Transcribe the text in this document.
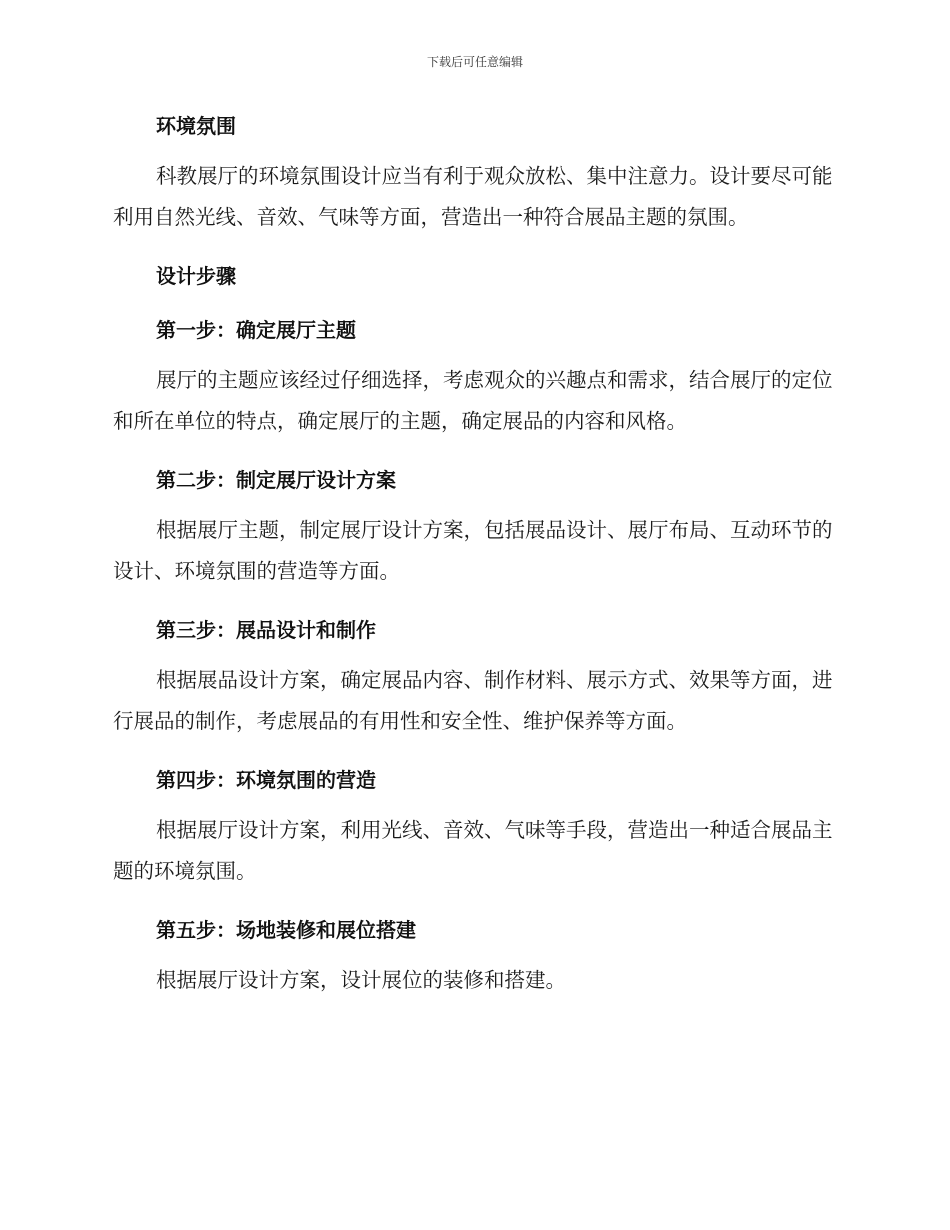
下载后可任意编辑
环境氛围

科教展厅的环境氛围设计应当有利于观众放松、集中注意力。设计要尽可能利用自然光线、音效、气味等方面，营造出一种符合展品主题的氛围。

设计步骤
第一步：确定展厅主题

展厅的主题应该经过仔细选择，考虑观众的兴趣点和需求，结合展厅的定位和所在单位的特点，确定展厅的主题，确定展品的内容和风格。

第二步：制定展厅设计方案

根据展厅主题，制定展厅设计方案，包括展品设计、展厅布局、互动环节的设计、环境氛围的营造等方面。

第三步：展品设计和制作

根据展品设计方案，确定展品内容、制作材料、展示方式、效果等方面，进行展品的制作，考虑展品的有用性和安全性、维护保养等方面。

第四步：环境氛围的营造

根据展厅设计方案，利用光线、音效、气味等手段，营造出一种适合展品主题的环境氛围。

第五步：场地装修和展位搭建

根据展厅设计方案，设计展位的装修和搭建。
